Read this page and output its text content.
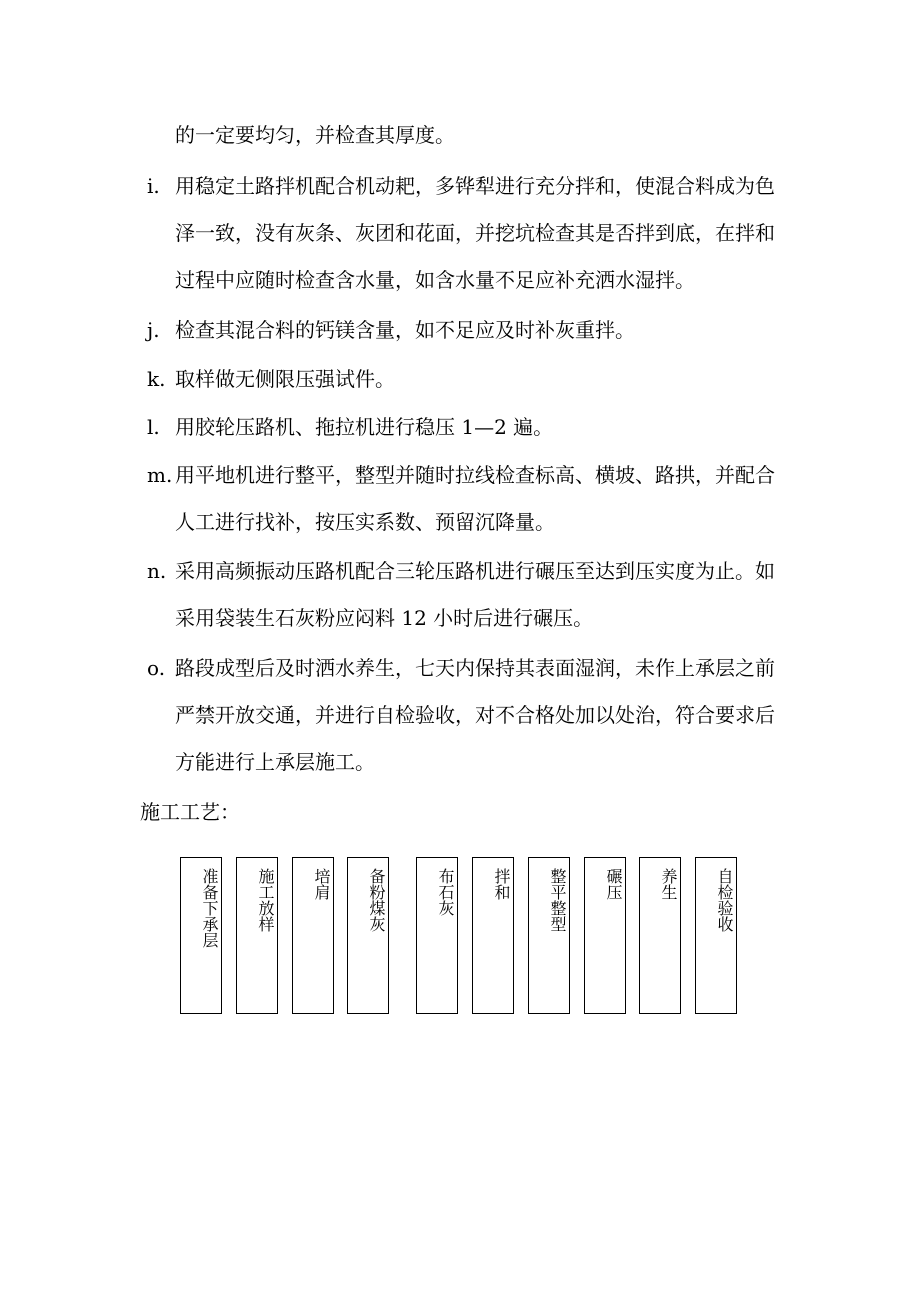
的一定要均匀，并检查其厚度。
i. 用稳定土路拌机配合机动耙，多铧犁进行充分拌和，使混合料成为色
泽一致，没有灰条、灰团和花面，并挖坑检查其是否拌到底，在拌和
过程中应随时检查含水量，如含水量不足应补充洒水湿拌。
j. 检查其混合料的钙镁含量，如不足应及时补灰重拌。
k. 取样做无侧限压强试件。
l. 用胶轮压路机、拖拉机进行稳压 1—2 遍。
m. 用平地机进行整平，整型并随时拉线检查标高、横坡、路拱，并配合
人工进行找补，按压实系数、预留沉降量。
n. 采用高频振动压路机配合三轮压路机进行碾压至达到压实度为止。如
采用袋装生石灰粉应闷料 12 小时后进行碾压。
o. 路段成型后及时洒水养生，七天内保持其表面湿润，未作上承层之前
严禁开放交通，并进行自检验收，对不合格处加以处治，符合要求后
方能进行上承层施工。
施工工艺：
准备下承层	施工放样	培肩	备粉煤灰	布石灰	拌和	整平整型	碾压	养生	自检验收
